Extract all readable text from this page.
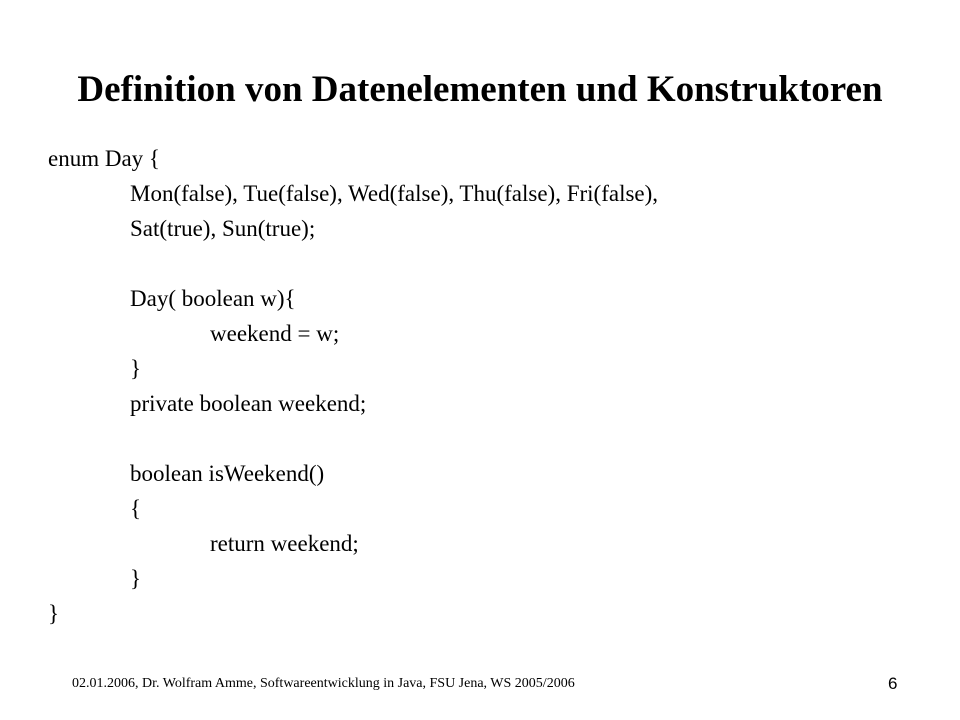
Definition von Datenelementen und Konstruktoren
enum Day {
Mon(false), Tue(false), Wed(false), Thu(false), Fri(false),
Sat(true), Sun(true);
Day( boolean w){
weekend = w;
}
private boolean weekend;
boolean isWeekend()
{
return weekend;
}
}
02.01.2006, Dr. Wolfram Amme, Softwareentwicklung in Java, FSU Jena, WS 2005/2006	6
